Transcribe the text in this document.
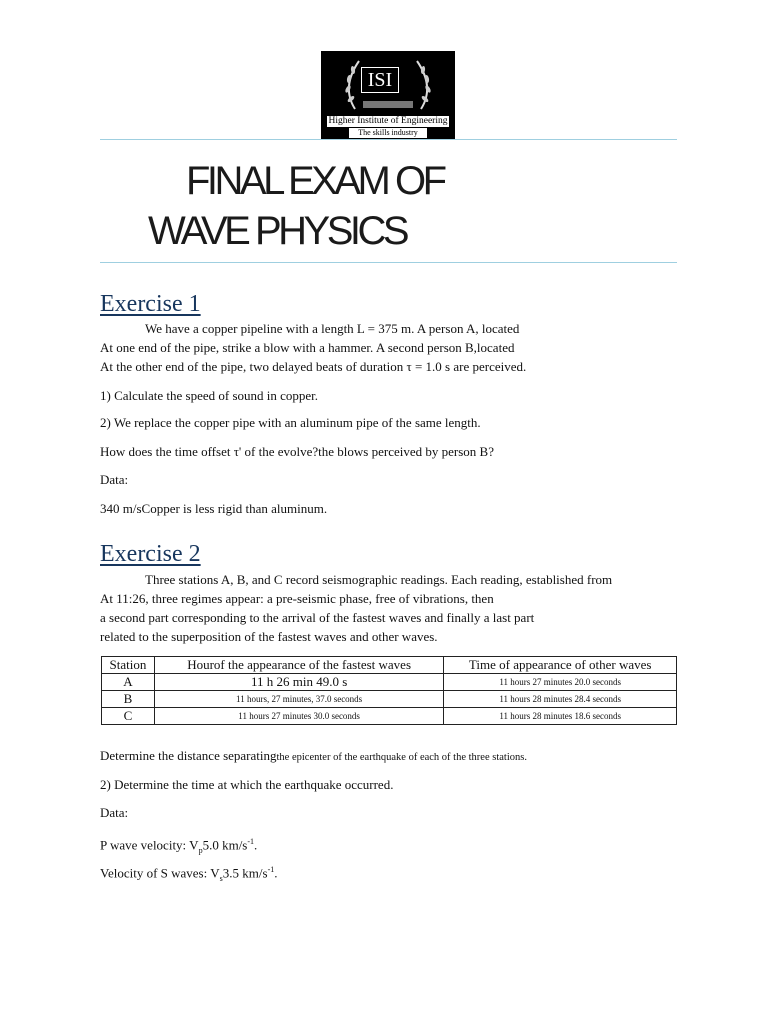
ISI
Higher Institute of Engineering
The skills industry
FINAL EXAM OF
WAVE PHYSICS
Exercise 1
We have a copper pipeline with a length L = 375 m. A person A, located
At one end of the pipe, strike a blow with a hammer. A second person B,located
At the other end of the pipe, two delayed beats of duration τ = 1.0 s are perceived.
1) Calculate the speed of sound in copper.
2) We replace the copper pipe with an aluminum pipe of the same length.
How does the time offset τ' of the evolve?the blows perceived by person B?
Data:
340 m/sCopper is less rigid than aluminum.
Exercise 2
Three stations A, B, and C record seismographic readings. Each reading, established from
At 11:26, three regimes appear: a pre-seismic phase, free of vibrations, then
a second part corresponding to the arrival of the fastest waves and finally a last part
related to the superposition of the fastest waves and other waves.
Station	Hourof the appearance of the fastest waves	Time of appearance of other waves
A	11 h 26 min 49.0 s	11 hours 27 minutes 20.0 seconds
B	11 hours, 27 minutes, 37.0 seconds	11 hours 28 minutes 28.4 seconds
C	11 hours 27 minutes 30.0 seconds	11 hours 28 minutes 18.6 seconds
Determine the distance separatingthe epicenter of the earthquake of each of the three stations.
2) Determine the time at which the earthquake occurred.
Data:
P wave velocity: $V_p5.0$ $km/s^{-1}$.
Velocity of S waves: $V_s3.5$ $km/s^{-1}$.
